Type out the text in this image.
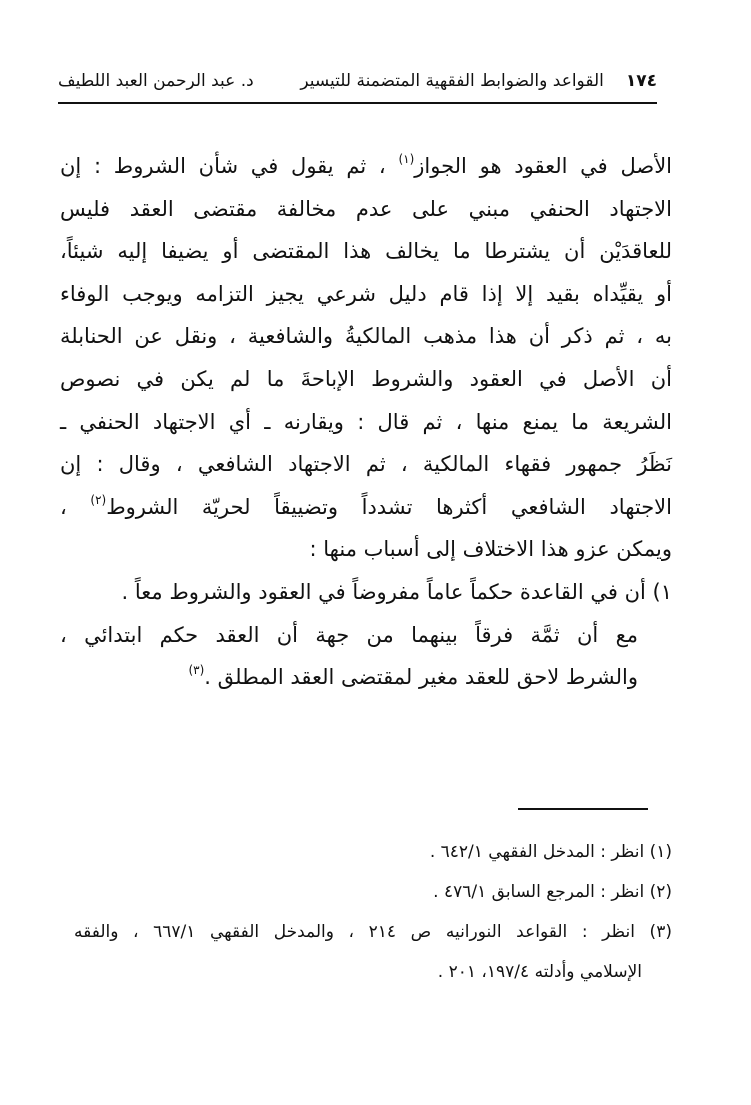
١٧٤
القواعد والضوابط الفقهية المتضمنة للتيسير
د. عبد الرحمن العبد اللطيف
الأصل في العقود هو الجواز$^{(١)}$ ، ثم يقول في شأن الشروط : إن
الاجتهاد الحنفي مبني على عدم مخالفة مقتضى العقد فليس
للعاقدَيْن أن يشترطا ما يخالف هذا المقتضى أو يضيفا إليه شيئاً،
أو يقيِّداه بقيد إلا إذا قام دليل شرعي يجيز التزامه ويوجب الوفاء
به ، ثم ذكر أن هذا مذهب المالكيةُ والشافعية ، ونقل عن الحنابلة
أن الأصل في العقود والشروط الإباحةَ ما لم يكن في نصوص
الشريعة ما يمنع منها ، ثم قال : ويقارنه ـ أي الاجتهاد الحنفي ـ
نَظَرُ جمهور فقهاء المالكية ، ثم الاجتهاد الشافعي ، وقال : إن
الاجتهاد الشافعي أكثرها تشدداً وتضييقاً لحريّة الشروط$^{(٢)}$ ،
ويمكن عزو هذا الاختلاف إلى أسباب منها :
١) أن في القاعدة حكماً عاماً مفروضاً في العقود والشروط معاً .
مع أن ثمَّة فرقاً بينهما من جهة أن العقد حكم ابتدائي ،
والشرط لاحق للعقد مغير لمقتضى العقد المطلق .$^{(٣)}$
(١) انظر : المدخل الفقهي ٦٤٢/١ .
(٢) انظر : المرجع السابق ٤٧٦/١ .
(٣) انظر : القواعد النورانيه ص ٢١٤ ، والمدخل الفقهي ٦٦٧/١ ، والفقه
الإسلامي وأدلته ١٩٧/٤، ٢٠١ .
